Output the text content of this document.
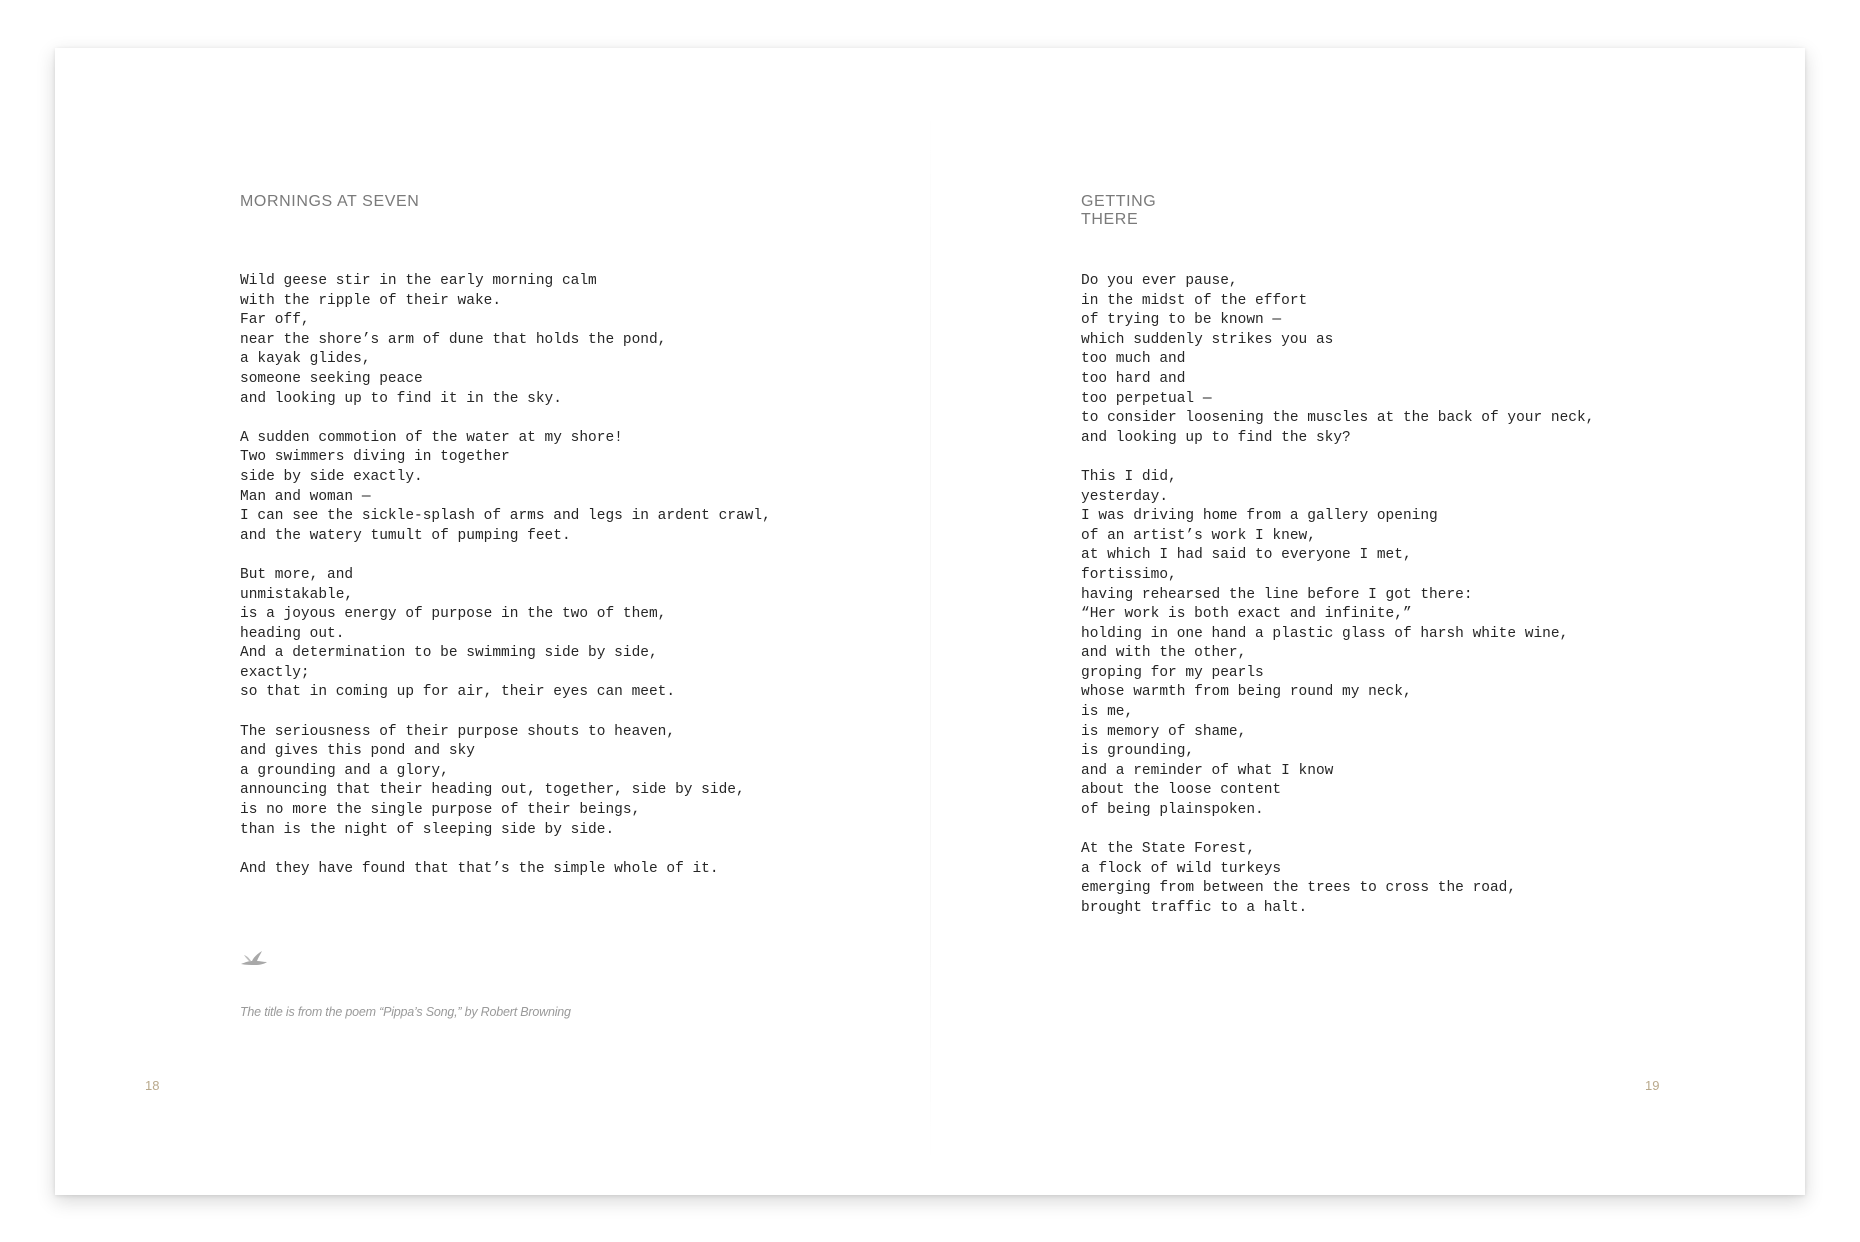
MORNINGS AT SEVEN
Wild geese stir in the early morning calm
with the ripple of their wake.
Far off,
near the shore’s arm of dune that holds the pond,
a kayak glides,
someone seeking peace
and looking up to find it in the sky.
A sudden commotion of the water at my shore!
Two swimmers diving in together
side by side exactly.
Man and woman —
I can see the sickle-splash of arms and legs in ardent crawl,
and the watery tumult of pumping feet.
But more, and
unmistakable,
is a joyous energy of purpose in the two of them,
heading out.
And a determination to be swimming side by side,
exactly;
so that in coming up for air, their eyes can meet.
The seriousness of their purpose shouts to heaven,
and gives this pond and sky
a grounding and a glory,
announcing that their heading out, together, side by side,
is no more the single purpose of their beings,
than is the night of sleeping side by side.
And they have found that that’s the simple whole of it.

The title is from the poem “Pippa’s Song,” by Robert Browning

18
GETTING THERE
Do you ever pause,
in the midst of the effort
of trying to be known —
which suddenly strikes you as
too much and
too hard and
too perpetual —
to consider loosening the muscles at the back of your neck,
and looking up to find the sky?
This I did,
yesterday.
I was driving home from a gallery opening
of an artist’s work I knew,
at which I had said to everyone I met,
fortissimo,
having rehearsed the line before I got there:
“Her work is both exact and infinite,”
holding in one hand a plastic glass of harsh white wine,
and with the other,
groping for my pearls
whose warmth from being round my neck,
is me,
is memory of shame,
is grounding,
and a reminder of what I know
about the loose content
of being plainspoken.
At the State Forest,
a flock of wild turkeys
emerging from between the trees to cross the road,
brought traffic to a halt.
19
